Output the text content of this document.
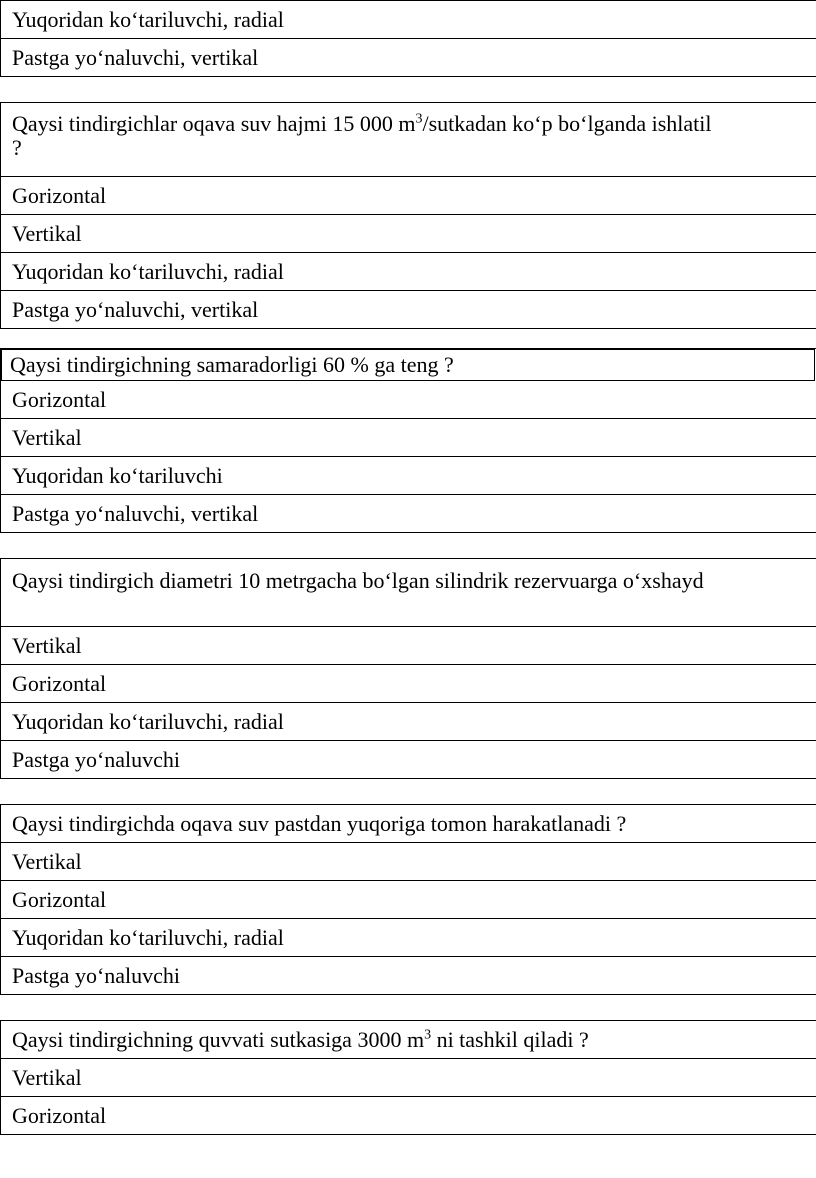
Yuqoridan ko‘tariluvchi, radial
Pastga yo‘naluvchi, vertikal
Qaysi tindirgichlar oqava suv hajmi 15 000 $m^3$/sutkadan ko‘p bo‘lganda ishlatil
?
Gorizontal
Vertikal
Yuqoridan ko‘tariluvchi, radial
Pastga yo‘naluvchi, vertikal
Qaysi tindirgichning samaradorligi 60 % ga teng ?
Gorizontal
Vertikal
Yuqoridan ko‘tariluvchi
Pastga yo‘naluvchi, vertikal
Qaysi tindirgich diametri 10 metrgacha bo‘lgan silindrik rezervuarga o‘xshayd
Vertikal
Gorizontal
Yuqoridan ko‘tariluvchi, radial
Pastga yo‘naluvchi
Qaysi tindirgichda oqava suv pastdan yuqoriga tomon harakatlanadi ?
Vertikal
Gorizontal
Yuqoridan ko‘tariluvchi, radial
Pastga yo‘naluvchi
Qaysi tindirgichning quvvati sutkasiga 3000 $m^3$ ni tashkil qiladi ?
Vertikal
Gorizontal
